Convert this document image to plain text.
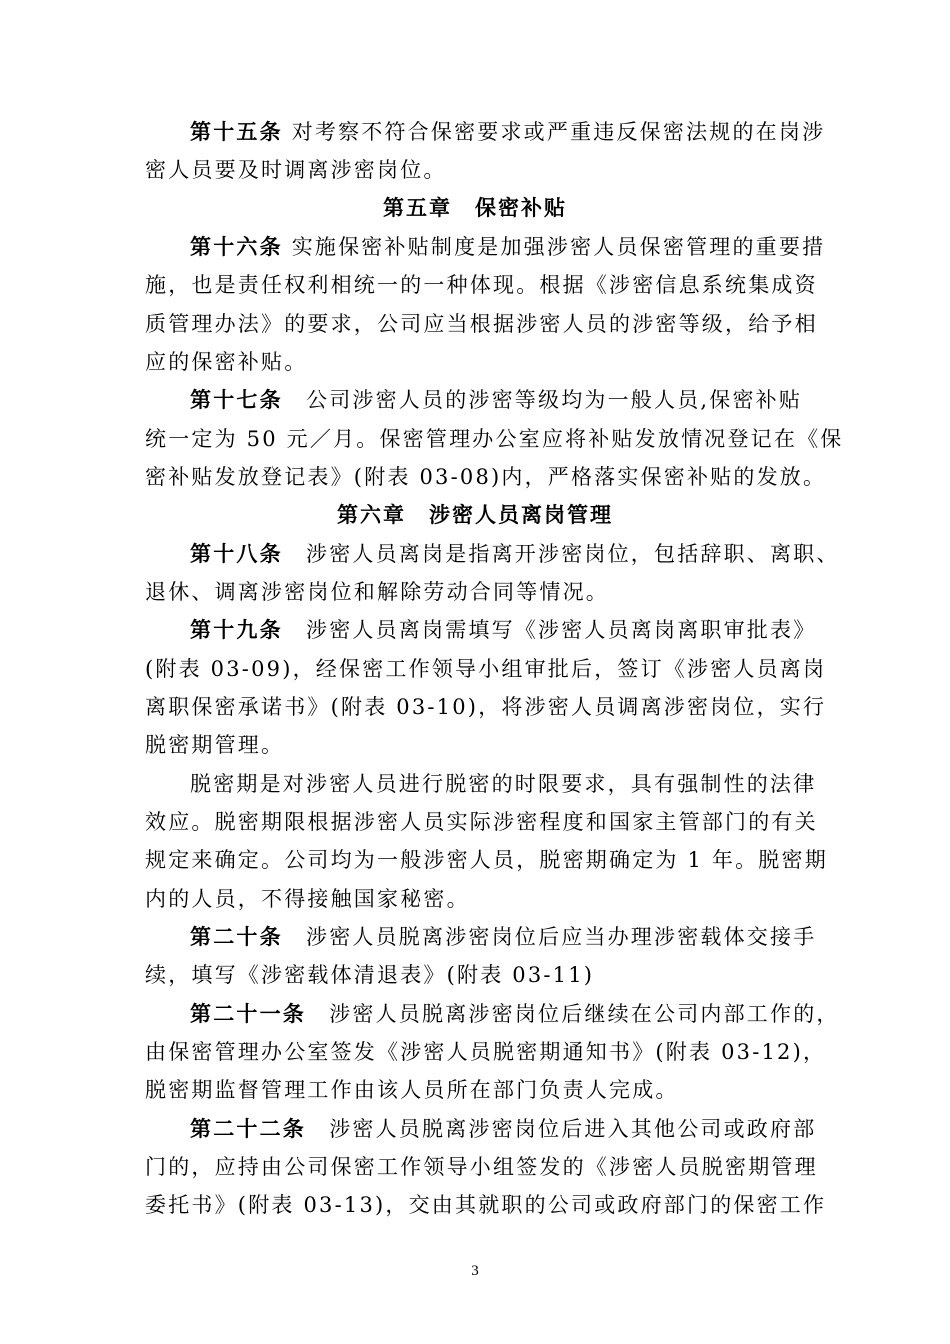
第十五条 对考察不符合保密要求或严重违反保密法规的在岗涉
密人员要及时调离涉密岗位。
第五章　保密补贴
第十六条 实施保密补贴制度是加强涉密人员保密管理的重要措
施，也是责任权利相统一的一种体现。根据《涉密信息系统集成资
质管理办法》的要求，公司应当根据涉密人员的涉密等级，给予相
应的保密补贴。
第十七条　公司涉密人员的涉密等级均为一般人员,保密补贴
统一定为 50 元／月。保密管理办公室应将补贴发放情况登记在《保
密补贴发放登记表》(附表 03-08)内，严格落实保密补贴的发放。
第六章　涉密人员离岗管理
第十八条　涉密人员离岗是指离开涉密岗位，包括辞职、离职、
退休、调离涉密岗位和解除劳动合同等情况。
第十九条　涉密人员离岗需填写《涉密人员离岗离职审批表》
(附表 03-09)，经保密工作领导小组审批后，签订《涉密人员离岗
离职保密承诺书》(附表 03-10)，将涉密人员调离涉密岗位，实行
脱密期管理。
脱密期是对涉密人员进行脱密的时限要求，具有强制性的法律
效应。脱密期限根据涉密人员实际涉密程度和国家主管部门的有关
规定来确定。公司均为一般涉密人员，脱密期确定为 1 年。脱密期
内的人员，不得接触国家秘密。
第二十条　涉密人员脱离涉密岗位后应当办理涉密载体交接手
续，填写《涉密载体清退表》(附表 03-11)
第二十一条　涉密人员脱离涉密岗位后继续在公司内部工作的，
由保密管理办公室签发《涉密人员脱密期通知书》(附表 03-12)，
脱密期监督管理工作由该人员所在部门负责人完成。
第二十二条　涉密人员脱离涉密岗位后进入其他公司或政府部
门的，应持由公司保密工作领导小组签发的《涉密人员脱密期管理
委托书》(附表 03-13)，交由其就职的公司或政府部门的保密工作
3
